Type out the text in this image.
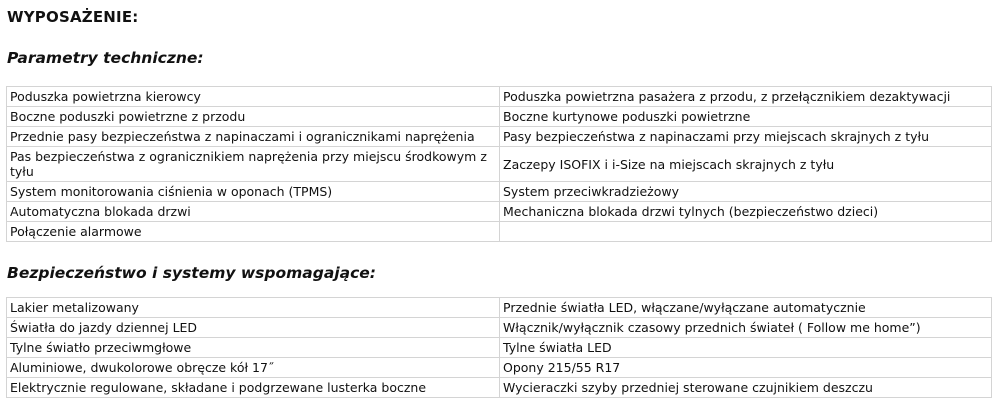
WYPOSAŻENIE:
Parametry techniczne:
Poduszka powietrzna kierowcy	Poduszka powietrzna pasażera z przodu, z przełącznikiem dezaktywacji
Boczne poduszki powietrzne z przodu	Boczne kurtynowe poduszki powietrzne
Przednie pasy bezpieczeństwa z napinaczami i ogranicznikami naprężenia	Pasy bezpieczeństwa z napinaczami przy miejscach skrajnych z tyłu
Pas bezpieczeństwa z ogranicznikiem naprężenia przy miejscu środkowym z tyłu	Zaczepy ISOFIX i i-Size na miejscach skrajnych z tyłu
System monitorowania ciśnienia w oponach (TPMS)	System przeciwkradzieżowy
Automatyczna blokada drzwi	Mechaniczna blokada drzwi tylnych (bezpieczeństwo dzieci)
Połączenie alarmowe	
Bezpieczeństwo i systemy wspomagające:
Lakier metalizowany	Przednie światła LED, włączane/wyłączane automatycznie
Światła do jazdy dziennej LED	Włącznik/wyłącznik czasowy przednich świateł ( Follow me home”)
Tylne światło przeciwmgłowe	Tylne światła LED
Aluminiowe, dwukolorowe obręcze kół 17˝	Opony 215/55 R17
Elektrycznie regulowane, składane i podgrzewane lusterka boczne	Wycieraczki szyby przedniej sterowane czujnikiem deszczu
